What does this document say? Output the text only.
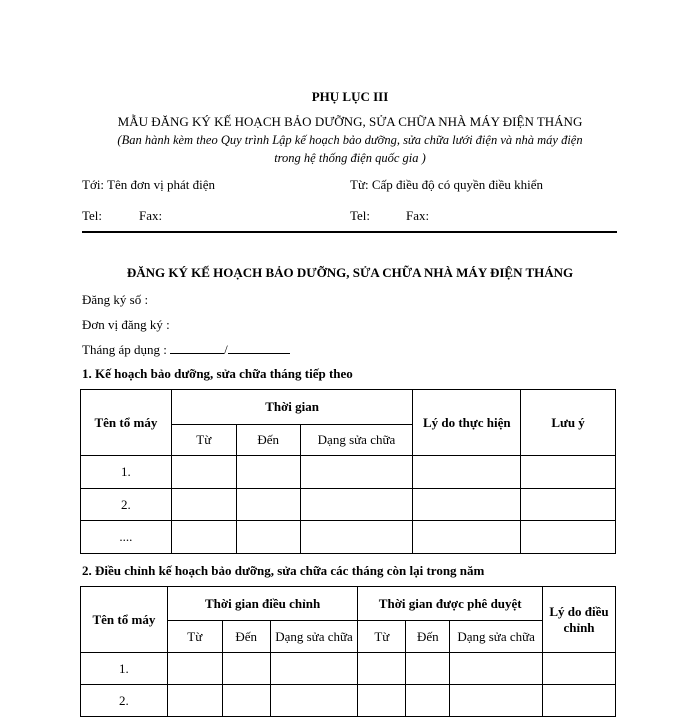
PHỤ LỤC III
MẪU ĐĂNG KÝ KẾ HOẠCH BẢO DƯỠNG, SỬA CHỮA NHÀ MÁY ĐIỆN THÁNG
(Ban hành kèm theo Quy trình Lập kế hoạch bảo dưỡng, sửa chữa lưới điện và nhà máy điện
trong hệ thống điện quốc gia )
Tới: Tên đơn vị phát điện	Từ: Cấp điều độ có quyền điều khiển
Tel:	Fax:	Tel:	Fax:
ĐĂNG KÝ KẾ HOẠCH BẢO DƯỠNG, SỬA CHỮA NHÀ MÁY ĐIỆN THÁNG
Đăng ký số :
Đơn vị đăng ký :
Tháng áp dụng :	/
1. Kế hoạch bảo dưỡng, sửa chữa tháng tiếp theo
Tên tổ máy	Thời gian			Lý do thực hiện	Lưu ý
	Từ	Đến	Dạng sửa chữa		
1.					
2.					
....					
2. Điều chỉnh kế hoạch bảo dưỡng, sửa chữa các tháng còn lại trong năm
Tên tổ máy	Thời gian điều chỉnh			Thời gian được phê duyệt			Lý do điều chỉnh
	Từ	Đến	Dạng sửa chữa	Từ	Đến	Dạng sửa chữa	
1.							
2.							
